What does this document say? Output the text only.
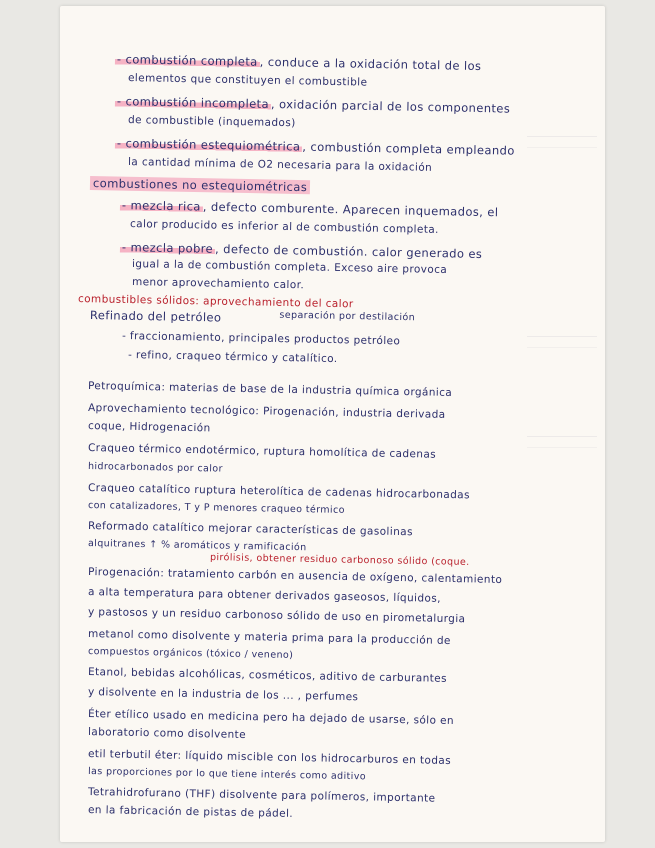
- combustión completa , conduce a la oxidación total de los

elementos que constituyen el combustible

- combustión incompleta , oxidación parcial de los componentes

de combustible (inquemados)

- combustión estequiométrica , combustión completa empleando

la cantidad mínima de O2 necesaria para la oxidación

combustiones no estequiométricas

- mezcla rica , defecto comburente. Aparecen inquemados, el

calor producido es inferior al de combustión completa.

- mezcla pobre , defecto de combustión. calor generado es

igual a la de combustión completa. Exceso aire provoca

menor aprovechamiento calor.

combustibles sólidos: aprovechamiento del calor

Refinado del petróleo	separación por destilación

- fraccionamiento, principales productos petróleo

- refino, craqueo térmico y catalítico.

Petroquímica: materias de base de la industria química orgánica

Aprovechamiento tecnológico: Pirogenación, industria derivada

coque, Hidrogenación

Craqueo térmico endotérmico, ruptura homolítica de cadenas

hidrocarbonados por calor

Craqueo catalítico ruptura heterolítica de cadenas hidrocarbonadas

con catalizadores, T y P menores craqueo térmico

Reformado catalítico mejorar características de gasolinas

alquitranes ↑ % aromáticos y ramificación

pirólisis, obtener residuo carbonoso sólido (coque.

Pirogenación: tratamiento carbón en ausencia de oxígeno, calentamiento

a alta temperatura para obtener derivados gaseosos, líquidos,

y pastosos y un residuo carbonoso sólido de uso en pirometalurgia

metanol como disolvente y materia prima para la producción de

compuestos orgánicos (tóxico / veneno)

Etanol, bebidas alcohólicas, cosméticos, aditivo de carburantes

y disolvente en la industria de los ... , perfumes

Éter etílico usado en medicina pero ha dejado de usarse, sólo en

laboratorio como disolvente

etil terbutil éter: líquido miscible con los hidrocarburos en todas

las proporciones por lo que tiene interés como aditivo

Tetrahidrofurano (THF) disolvente para polímeros, importante

en la fabricación de pistas de pádel.
